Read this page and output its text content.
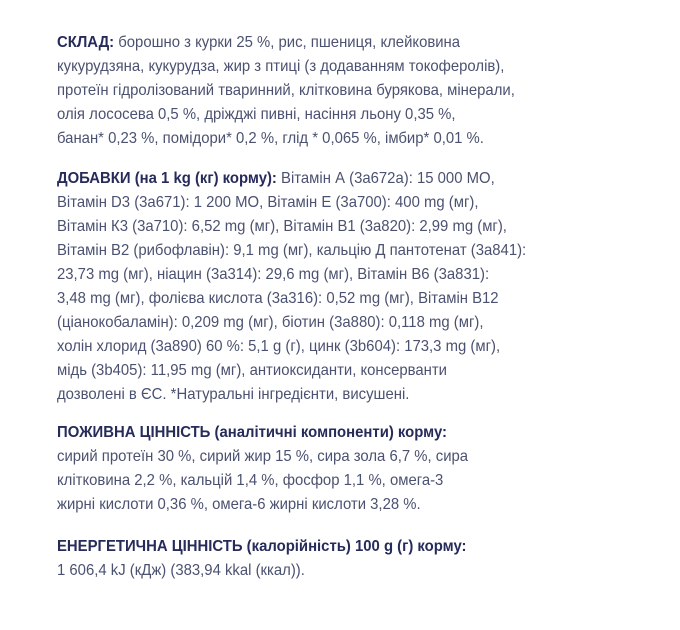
СКЛАД: борошно з курки 25 %, рис, пшениця, клейковина
кукурудзяна, кукурудза, жир з птиці (з додаванням токоферолів),
протеїн гідролізований тваринний, клітковина бурякова, мінерали,
олія лососева 0,5 %, дріжджі пивні, насіння льону 0,35 %,
банан* 0,23 %, помідори* 0,2 %, глід * 0,065 %, імбир* 0,01 %.
ДОБАВКИ (на 1 kg (кг) корму): Вітамін А (3a672a): 15 000 МО,
Вітамін D3 (3a671): 1 200 МО, Вітамін Е (3a700): 400 mg (мг),
Вітамін К3 (3a710): 6,52 mg (мг), Вітамін В1 (3a820): 2,99 mg (мг),
Вітамін В2 (рибофлавін): 9,1 mg (мг), кальцію Д пантотенат (3a841):
23,73 mg (мг), ніацин (3a314): 29,6 mg (мг), Вітамін В6 (3a831):
3,48 mg (мг), фолієва кислота (3a316): 0,52 mg (мг), Вітамін В12
(ціанокобаламін): 0,209 mg (мг), біотин (3a880): 0,118 mg (мг),
холін хлорид (3a890) 60 %: 5,1 g (г), цинк (3b604): 173,3 mg (мг),
мідь (3b405): 11,95 mg (мг), антиоксиданти, консерванти
дозволені в ЄС. *Натуральні інгредієнти, висушені.
ПОЖИВНА ЦІННІСТЬ (аналітичні компоненти) корму:
сирий протеїн 30 %, сирий жир 15 %, сира зола 6,7 %, сира
клітковина 2,2 %, кальцій 1,4 %, фосфор 1,1 %, омега-3
жирні кислоти 0,36 %, омега-6 жирні кислоти 3,28 %.
ЕНЕРГЕТИЧНА ЦІННІСТЬ (калорійність) 100 g (г) корму:
1 606,4 kJ (кДж) (383,94 kkal (ккал)).
